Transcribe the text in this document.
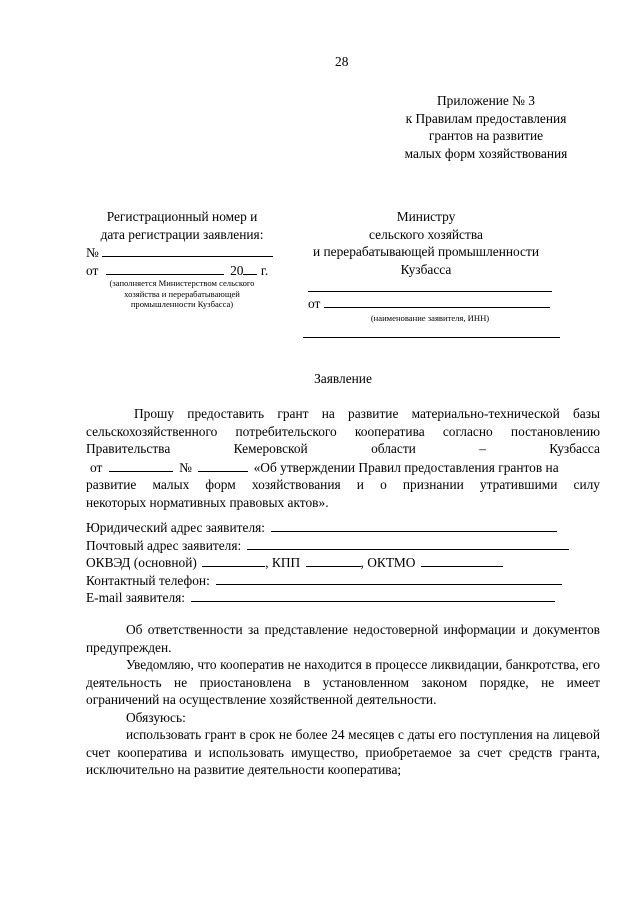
28
Приложение № 3
к Правилам предоставления
грантов на развитие
малых форм хозяйствования
Регистрационный номер и
дата регистрации заявления:
№
от	20 г.
(заполняется Министерством сельского
хозяйства и перерабатывающей
промышленности Кузбасса)
Министру
сельского хозяйства
и перерабатывающей промышленности
Кузбасса
от
(наименование заявителя, ИНН)
Заявление
Прошу предоставить грант на развитие материально-технической базы
сельскохозяйственного потребительского кооператива согласно постановлению
Правительства	Кемеровской	области	–	Кузбасса
от	№	«Об утверждении Правил предоставления грантов на
развитие малых форм хозяйствования и о признании утратившими силу
некоторых нормативных правовых актов».
Юридический адрес заявителя:
Почтовый адрес заявителя:
ОКВЭД (основной)	, КПП	, ОКТМО
Контактный телефон:
E-mail заявителя:

Об ответственности за представление недостоверной информации и документов предупрежден.

Уведомляю, что кооператив не находится в процессе ликвидации, банкротства, его деятельность не приостановлена в установленном законом порядке, не имеет ограничений на осуществление хозяйственной деятельности.

Обязуюсь:

использовать грант в срок не более 24 месяцев с даты его поступления на лицевой счет кооператива и использовать имущество, приобретаемое за счет средств гранта, исключительно на развитие деятельности кооператива;
